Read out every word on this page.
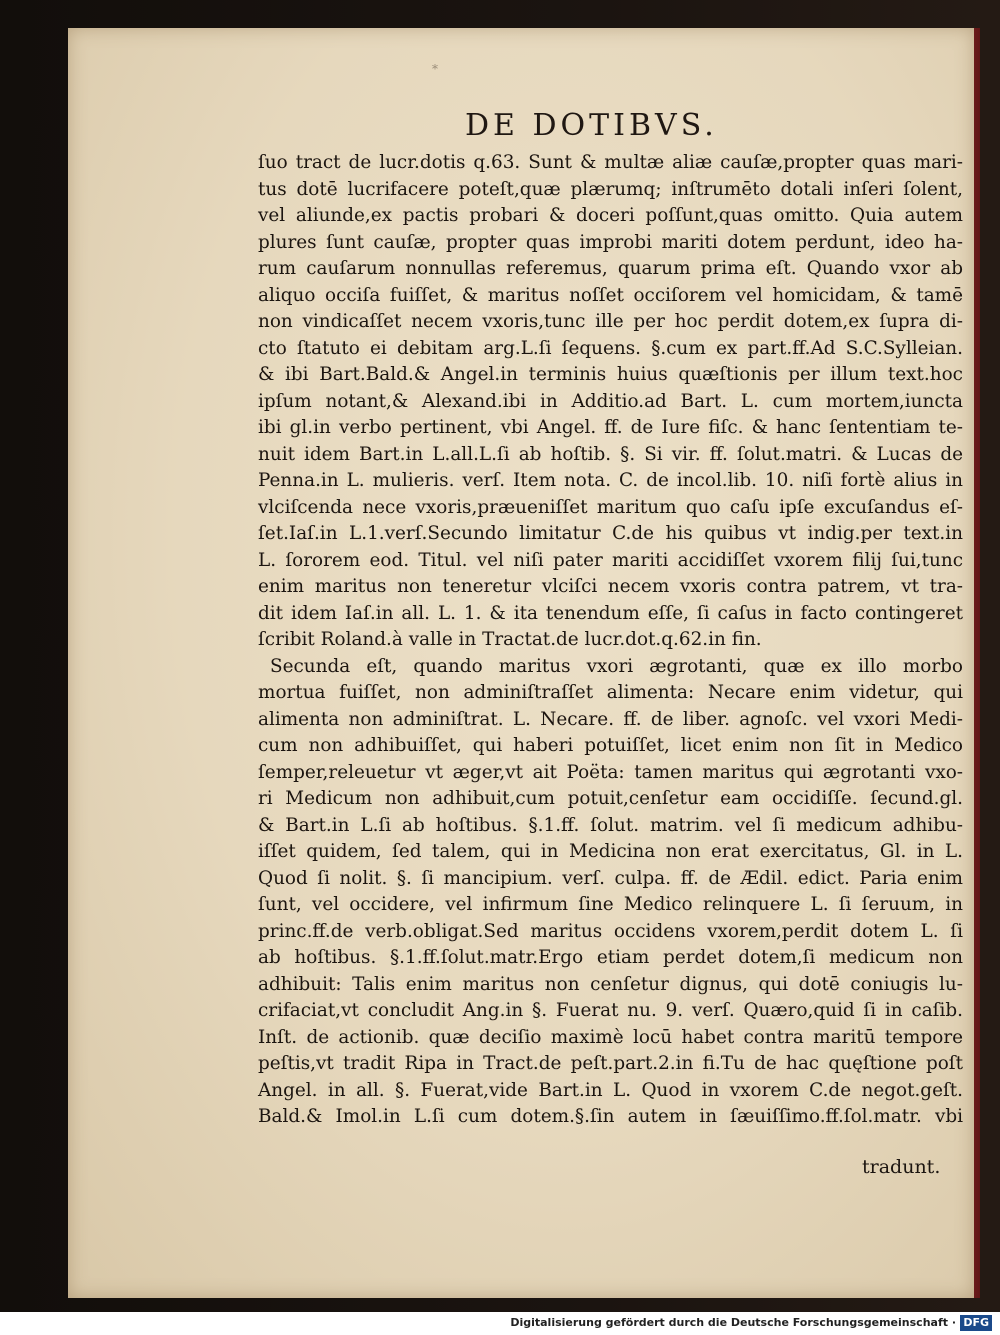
*
DE DOTIBVS.
ſuo tract de lucr.dotis q.63. Sunt & multæ aliæ cauſæ,propter quas mari-
tus dotē lucrifacere poteſt,quæ plærumq; inſtrumēto dotali inſeri ſolent,
vel aliunde,ex pactis probari & doceri poſſunt,quas omitto. Quia autem
plures ſunt cauſæ, propter quas improbi mariti dotem perdunt, ideo ha-
rum cauſarum nonnullas referemus, quarum prima eſt. Quando vxor ab
aliquo occiſa fuiſſet, & maritus noſſet occiſorem vel homicidam, & tamē
non vindicaſſet necem vxoris,tunc ille per hoc perdit dotem,ex ſupra di-
cto ſtatuto ei debitam arg.L.ſi ſequens. §.cum ex part.ff.Ad S.C.Sylleian.
& ibi Bart.Bald.& Angel.in terminis huius quæſtionis per illum text.hoc
ipſum notant,& Alexand.ibi in Additio.ad Bart. L. cum mortem,iuncta
ibi gl.in verbo pertinent, vbi Angel. ff. de Iure fiſc. & hanc ſententiam te-
nuit idem Bart.in L.all.L.ſi ab hoſtib. §. Si vir. ff. ſolut.matri. & Lucas de
Penna.in L. mulieris. verſ. Item nota. C. de incol.lib. 10. niſi fortè alius in
vlciſcenda nece vxoris,præueniſſet maritum quo caſu ipſe excuſandus eſ-
ſet.Iaſ.in L.1.verſ.Secundo limitatur C.de his quibus vt indig.per text.in
L. ſororem eod. Titul. vel niſi pater mariti accidiſſet vxorem filij ſui,tunc
enim maritus non teneretur vlciſci necem vxoris contra patrem, vt tra-
dit idem Iaſ.in all. L. 1. & ita tenendum eſſe, ſi caſus in facto contingeret
ſcribit Roland.à valle in Tractat.de lucr.dot.q.62.in fin.
Secunda eſt, quando maritus vxori ægrotanti, quæ ex illo morbo
mortua fuiſſet, non adminiſtraſſet alimenta: Necare enim videtur, qui
alimenta non adminiſtrat. L. Necare. ff. de liber. agnoſc. vel vxori Medi-
cum non adhibuiſſet, qui haberi potuiſſet, licet enim non ſit in Medico
ſemper,releuetur vt æger,vt ait Poëta: tamen maritus qui ægrotanti vxo-
ri Medicum non adhibuit,cum potuit,cenſetur eam occidiſſe. ſecund.gl.
& Bart.in L.ſi ab hoſtibus. §.1.ff. ſolut. matrim. vel ſi medicum adhibu-
iſſet quidem, ſed talem, qui in Medicina non erat exercitatus, Gl. in L.
Quod ſi nolit. §. ſi mancipium. verſ. culpa. ff. de Ædil. edict. Paria enim
ſunt, vel occidere, vel infirmum ſine Medico relinquere L. ſi ſeruum, in
princ.ff.de verb.obligat.Sed maritus occidens vxorem,perdit dotem L. ſi
ab hoſtibus. §.1.ff.ſolut.matr.Ergo etiam perdet dotem,ſi medicum non
adhibuit: Talis enim maritus non cenſetur dignus, qui dotē coniugis lu-
crifaciat,vt concludit Ang.in §. Fuerat nu. 9. verſ. Quæro,quid ſi in caſib.
Inſt. de actionib. quæ deciſio maximè locū habet contra maritū tempore
peſtis,vt tradit Ripa in Tract.de peſt.part.2.in fi.Tu de hac quęſtione poſt
Angel. in all. §. Fuerat,vide Bart.in L. Quod in vxorem C.de negot.geſt.
Bald.& Imol.in L.ſi cum dotem.§.ſin autem in ſæuiſſimo.ff.ſol.matr. vbi
tradunt.
Digitalisierung gefördert durch die Deutsche Forschungsgemeinschaft · DFG
